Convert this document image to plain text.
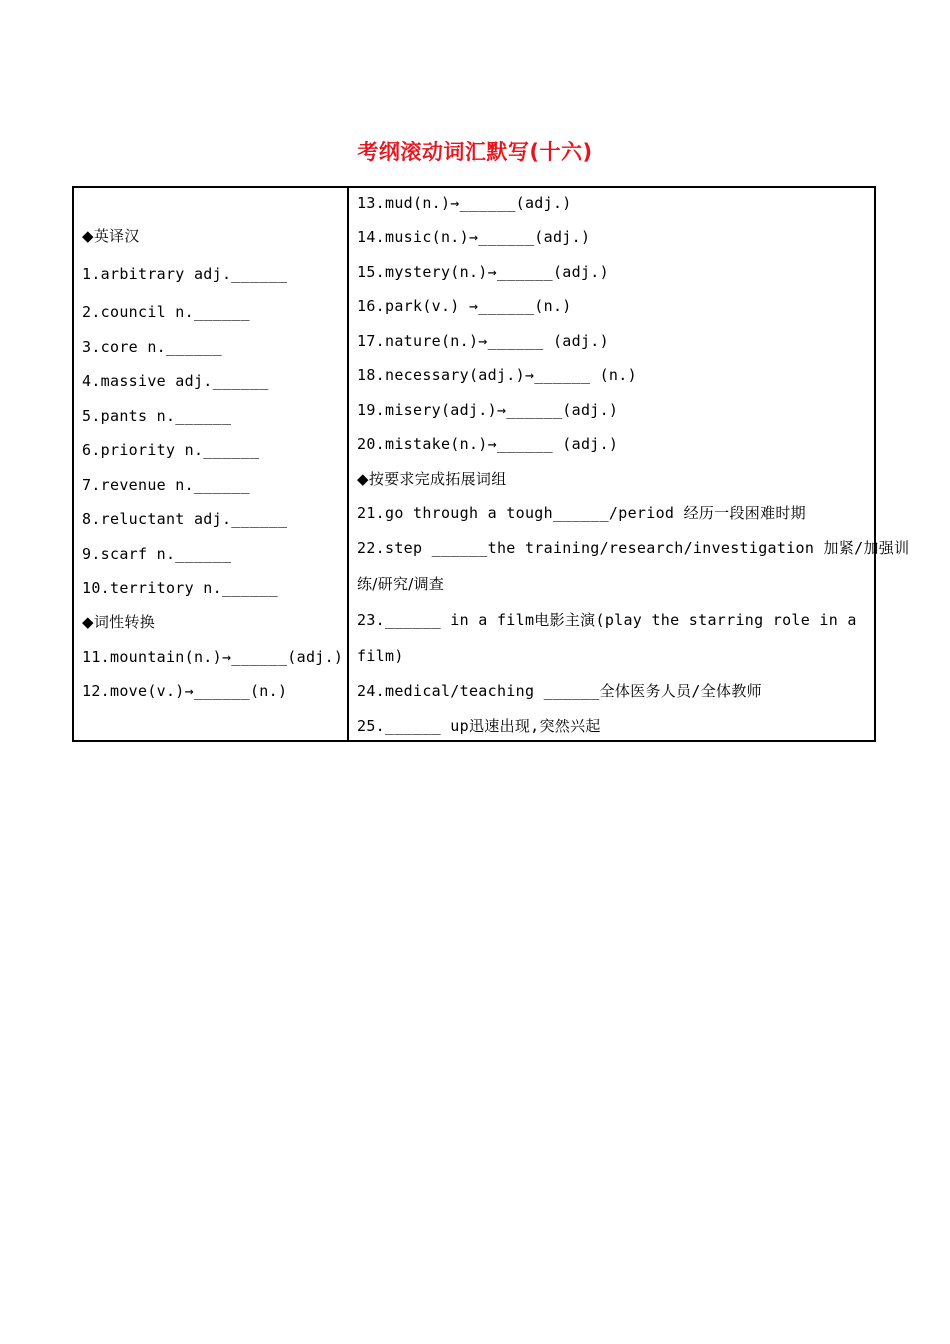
考纲滚动词汇默写(十六)
◆英译汉
1.arbitrary adj.______
2.council n.______
3.core n.______
4.massive adj.______
5.pants n.______
6.priority n.______
7.revenue n.______
8.reluctant adj.______
9.scarf n.______
10.territory n.______
◆词性转换
11.mountain(n.)→______(adj.)
12.move(v.)→______(n.)
13.mud(n.)→______(adj.)
14.music(n.)→______(adj.)
15.mystery(n.)→______(adj.)
16.park(v.) →______(n.)
17.nature(n.)→______ (adj.)
18.necessary(adj.)→______ (n.)
19.misery(adj.)→______(adj.)
20.mistake(n.)→______ (adj.)
◆按要求完成拓展词组
21.go through a tough______/period 经历一段困难时期
22.step ______the training/research/investigation 加紧/加强训
练/研究/调查
23.______ in a film电影主演(play the starring role in a
film)
24.medical/teaching ______全体医务人员/全体教师
25.______ up迅速出现,突然兴起
